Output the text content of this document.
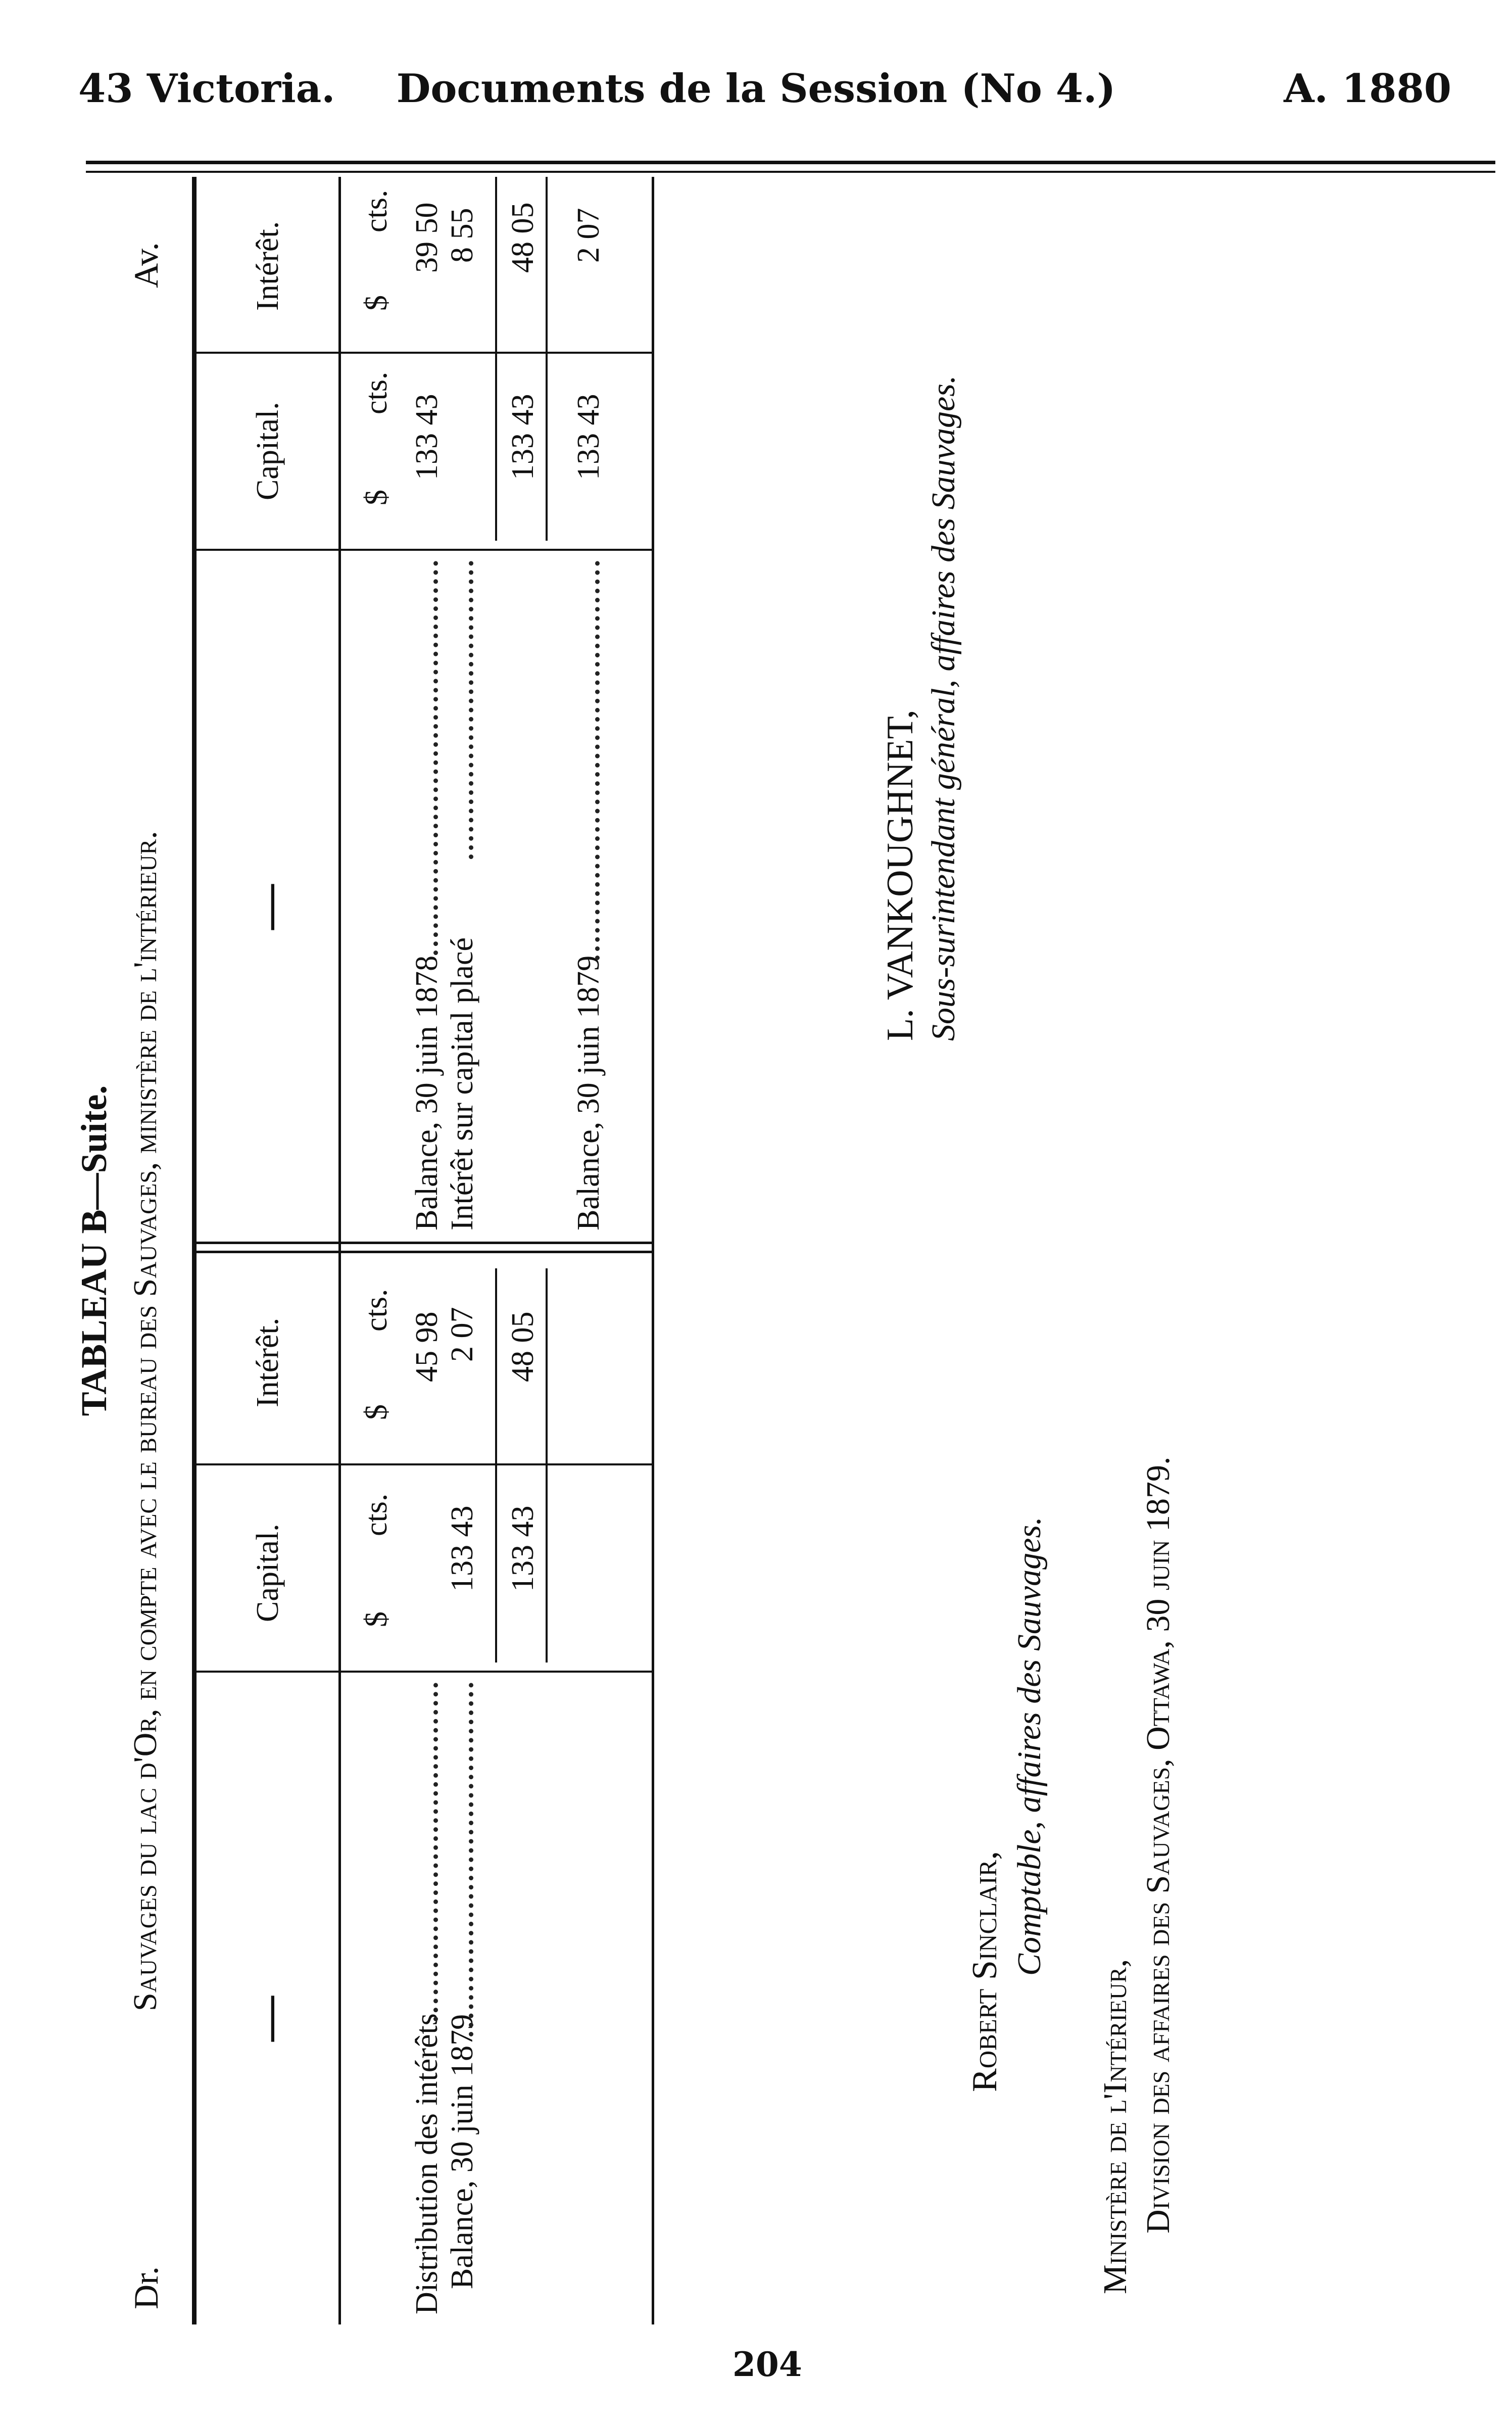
43 Victoria.	Documents de la Session (No 4.)	A. 1880
TABLEAU B—Suite.
Dr.
Sauvages du lac d'Or, en compte avec le bureau des Sauvages, ministère de l'intérieur.
Av.
—
Capital.
Intérêt.
—
Capital.
Intérêt.
$
cts.
$
cts.
$
cts.
$
cts.
Distribution des intérêts
45 98
Balance, 30 juin 1879
133 43
2 07
133 43
48 05
Balance, 30 juin 1878
133 43
39 50
Intérêt sur capital placé
8 55
133 43
48 05
Balance, 30 juin 1879
133 43
2 07
L. VANKOUGHNET, Sous-surintendant général, affaires des Sauvages.
Robert Sinclair, Comptable, affaires des Sauvages.
Ministère de l'Intérieur, Division des affaires des Sauvages, Ottawa, 30 juin 1879.
204
